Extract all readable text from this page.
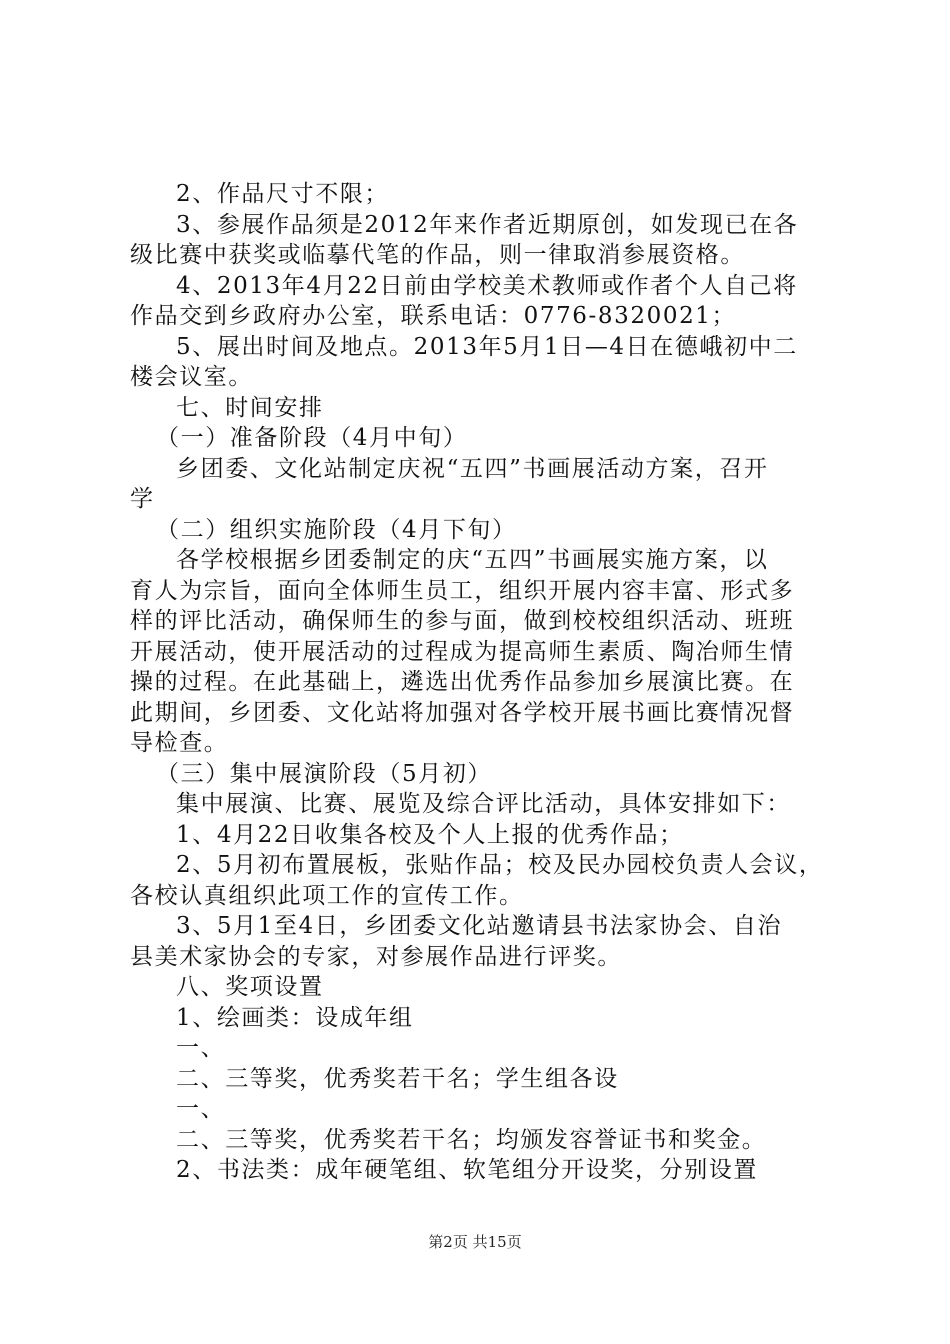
2、作品尺寸不限；
3、参展作品须是2012年来作者近期原创，如发现已在各
级比赛中获奖或临摹代笔的作品，则一律取消参展资格。
4、2013年4月22日前由学校美术教师或作者个人自己将
作品交到乡政府办公室，联系电话：0776-8320021；
5、展出时间及地点。2013年5月1日—4日在德峨初中二
楼会议室。
七、时间安排
（一）准备阶段（4月中旬）
乡团委、文化站制定庆祝“五四”书画展活动方案，召开
学
（二）组织实施阶段（4月下旬）
各学校根据乡团委制定的庆“五四”书画展实施方案，以
育人为宗旨，面向全体师生员工，组织开展内容丰富、形式多
样的评比活动，确保师生的参与面，做到校校组织活动、班班
开展活动，使开展活动的过程成为提高师生素质、陶冶师生情
操的过程。在此基础上，遴选出优秀作品参加乡展演比赛。在
此期间，乡团委、文化站将加强对各学校开展书画比赛情况督
导检查。
（三）集中展演阶段（5月初）
集中展演、比赛、展览及综合评比活动，具体安排如下：
1、4月22日收集各校及个人上报的优秀作品；
2、5月初布置展板，张贴作品；校及民办园校负责人会议，
各校认真组织此项工作的宣传工作。
3、5月1至4日，乡团委文化站邀请县书法家协会、自治
县美术家协会的专家，对参展作品进行评奖。
八、奖项设置
1、绘画类：设成年组
一、
二、三等奖，优秀奖若干名；学生组各设
一、
二、三等奖，优秀奖若干名；均颁发容誉证书和奖金。
2、书法类：成年硬笔组、软笔组分开设奖，分别设置
第2页 共15页
